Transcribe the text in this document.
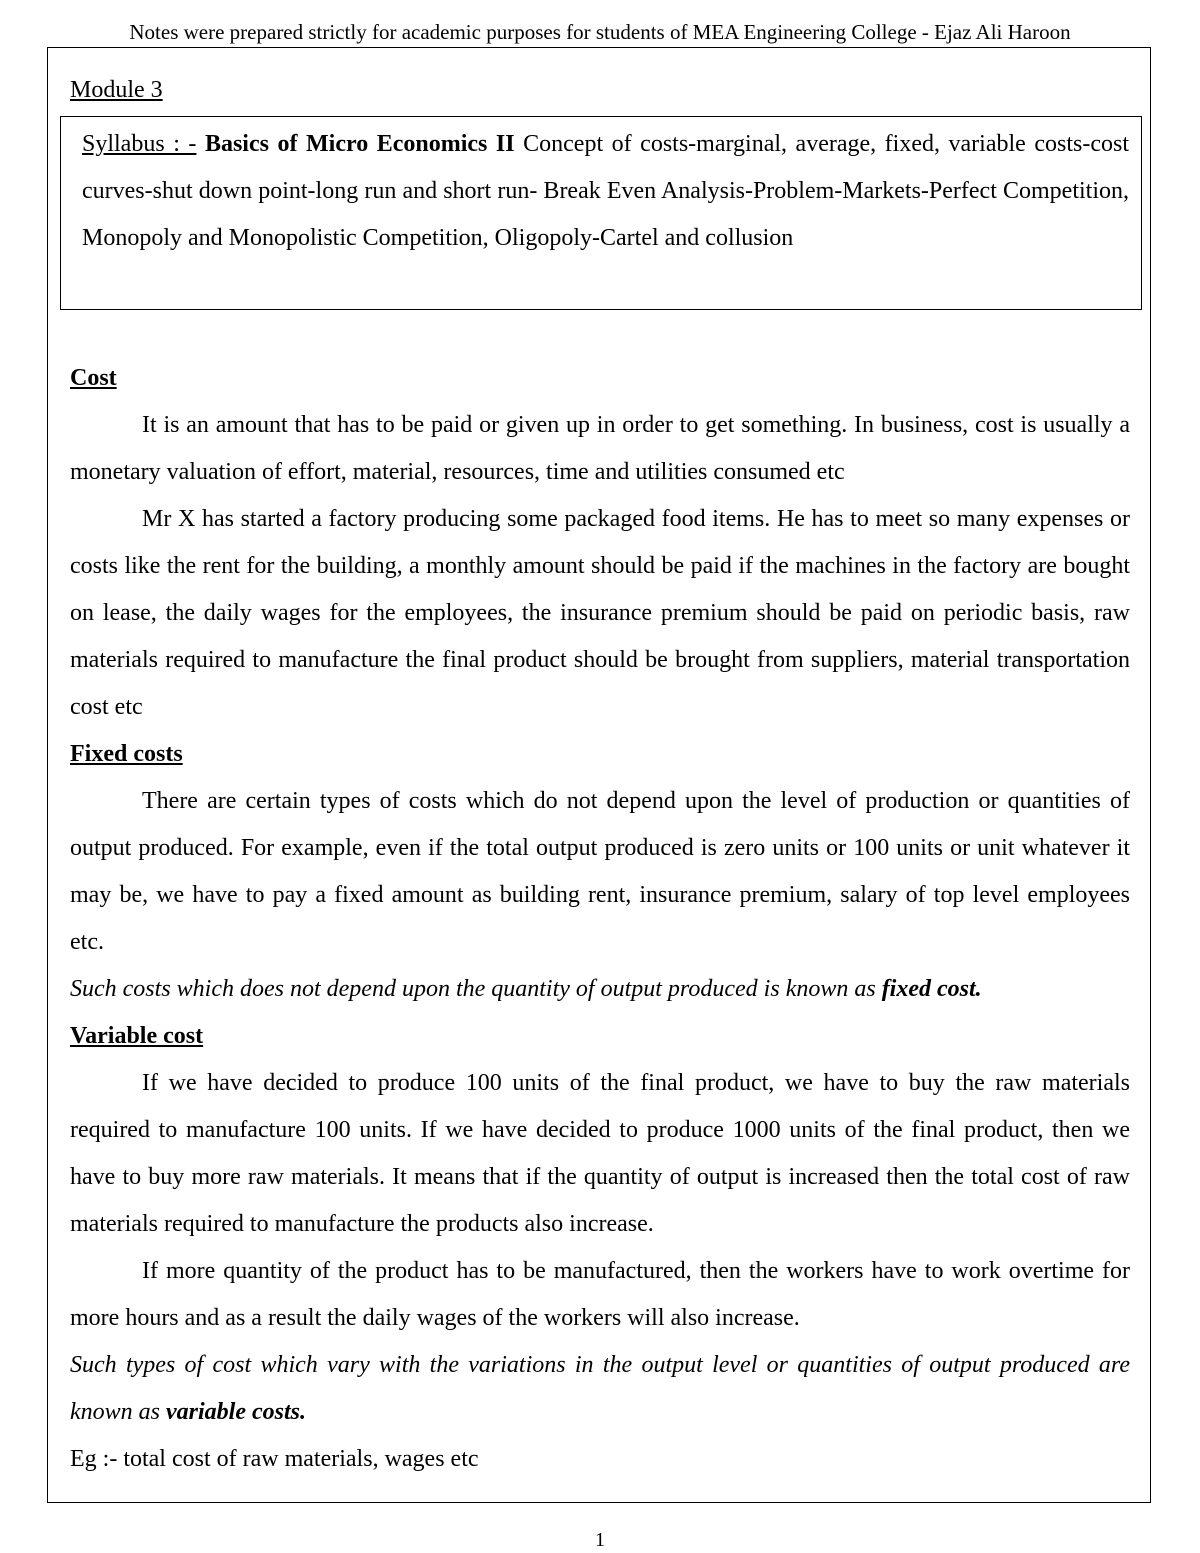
Notes were prepared strictly for academic purposes for students of MEA Engineering College - Ejaz Ali Haroon
Module 3
Syllabus : - Basics of Micro Economics II Concept of costs-marginal, average, fixed, variable costs-cost curves-shut down point-long run and short run- Break Even Analysis-Problem-Markets-Perfect Competition, Monopoly and Monopolistic Competition, Oligopoly-Cartel and collusion
Cost

It is an amount that has to be paid or given up in order to get something. In business, cost is usually a monetary valuation of effort, material, resources, time and utilities consumed etc

Mr X has started a factory producing some packaged food items. He has to meet so many expenses or costs like the rent for the building, a monthly amount should be paid if the machines in the factory are bought on lease, the daily wages for the employees, the insurance premium should be paid on periodic basis, raw materials required to manufacture the final product should be brought from suppliers, material transportation cost etc

Fixed costs

There are certain types of costs which do not depend upon the level of production or quantities of output produced. For example, even if the total output produced is zero units or 100 units or unit whatever it may be, we have to pay a fixed amount as building rent, insurance premium, salary of top level employees etc.

Such costs which does not depend upon the quantity of output produced is known as fixed cost.

Variable cost

If we have decided to produce 100 units of the final product, we have to buy the raw materials required to manufacture 100 units. If we have decided to produce 1000 units of the final product, then we have to buy more raw materials. It means that if the quantity of output is increased then the total cost of raw materials required to manufacture the products also increase.

If more quantity of the product has to be manufactured, then the workers have to work overtime for more hours and as a result the daily wages of the workers will also increase.

Such types of cost which vary with the variations in the output level or quantities of output produced are known as variable costs.

Eg :- total cost of raw materials, wages etc

1
